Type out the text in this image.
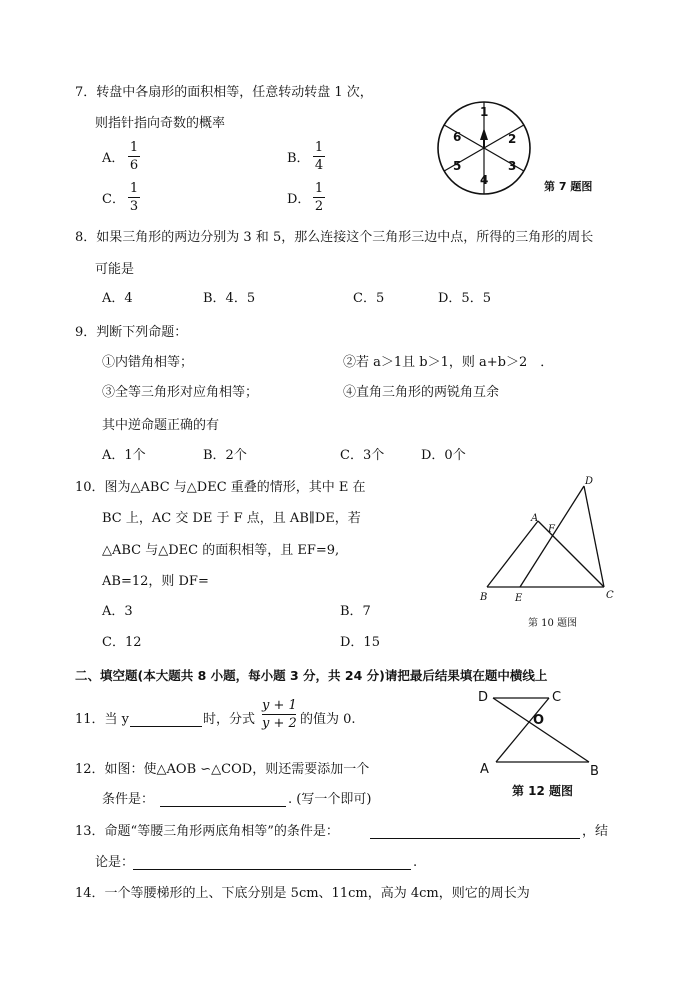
7．转盘中各扇形的面积相等，任意转动转盘 1 次，
则指针指向奇数的概率
A．
1
6	B．
1
4
C．
1
3	D．
1
2
1
2
3
4
5
6
第 7 题图
8．如果三角形的两边分别为 3 和 5，那么连接这个三角形三边中点，所得的三角形的周长
可能是
A．4	B．4．5	C．5	D．5．5
9．判断下列命题：
①内错角相等；	②若 a＞1且 b＞1，则 a+b＞2　．
③全等三角形对应角相等；	④直角三角形的两锐角互余
其中逆命题正确的有
A．1个	B．2个	C．3个	D．0个
10．图为△ABC 与△DEC 重叠的情形，其中 E 在
BC 上，AC 交 DE 于 F 点，且 AB∥DE，若
△ABC 与△DEC 的面积相等，且 EF=9,
AB=12，则 DF=
A．3	B．7
C．12	D．15
D
A
F
B	E	C
第 10 题图
二、填空题(本大题共 8 小题，每小题 3 分，共 24 分)请把最后结果填在题中横线上
11．当 y	时，分式
y + 1
y + 2 的值为 0.
12．如图：使△AOB ∽△COD，则还需要添加一个
条件是：	. (写一个即可)
D	C
O
A	B
第 12 题图
13．命题“等腰三角形两底角相等”的条件是：	，结
论是：	.
14．一个等腰梯形的上、下底分别是 5cm、11cm，高为 4cm，则它的周长为
